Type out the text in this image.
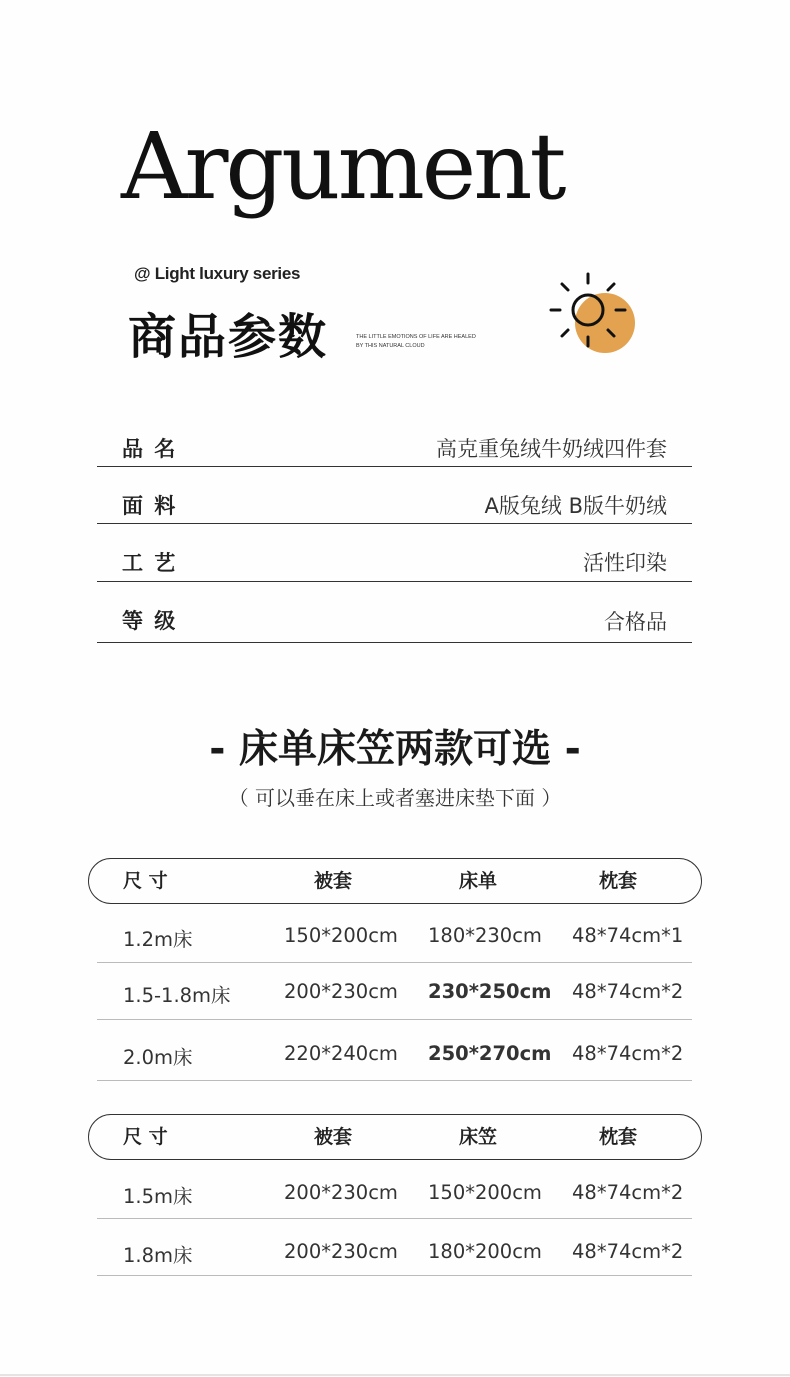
Argument
@ Light luxury series
商品参数	THE LITTLE EMOTIONS OF LIFE ARE HEALED
BY THIS NATURAL CLOUD
品 名	高克重兔绒牛奶绒四件套
面 料	A版兔绒 B版牛奶绒
工 艺	活性印染
等 级	合格品
- 床单床笠两款可选 -
（ 可以垂在床上或者塞进床垫下面 ）
尺 寸	被套	床单	枕套
1.2m床	150*200cm 180*230cm 48*74cm*1
1.5-1.8m床	200*230cm 230*250cm 48*74cm*2
2.0m床	220*240cm 250*270cm 48*74cm*2
尺 寸	被套	床笠	枕套
1.5m床	200*230cm 150*200cm 48*74cm*2
1.8m床	200*230cm 180*200cm 48*74cm*2
